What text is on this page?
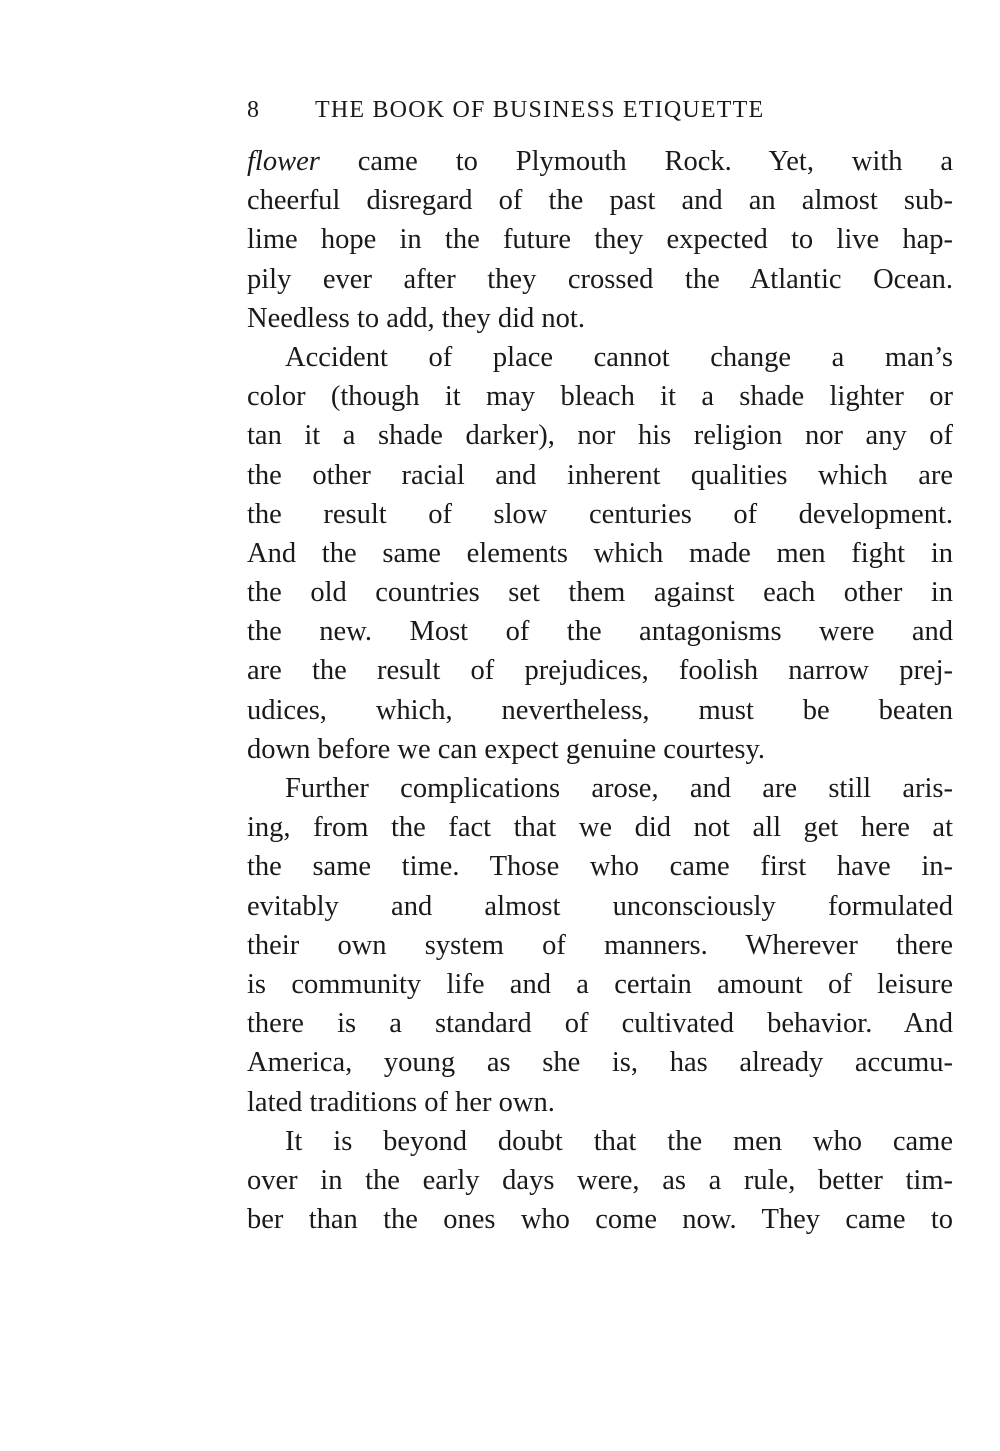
8 THE BOOK OF BUSINESS ETIQUETTE
flower came to Plymouth Rock. Yet, with a
cheerful disregard of the past and an almost sub-
lime hope in the future they expected to live hap-
pily ever after they crossed the Atlantic Ocean.
Needless to add, they did not.
Accident of place cannot change a man’s
color (though it may bleach it a shade lighter or
tan it a shade darker), nor his religion nor any of
the other racial and inherent qualities which are
the result of slow centuries of development.
And the same elements which made men fight in
the old countries set them against each other in
the new. Most of the antagonisms were and
are the result of prejudices, foolish narrow prej-
udices, which, nevertheless, must be beaten
down before we can expect genuine courtesy.
Further complications arose, and are still aris-
ing, from the fact that we did not all get here at
the same time. Those who came first have in-
evitably and almost unconsciously formulated
their own system of manners. Wherever there
is community life and a certain amount of leisure
there is a standard of cultivated behavior. And
America, young as she is, has already accumu-
lated traditions of her own.
It is beyond doubt that the men who came
over in the early days were, as a rule, better tim-
ber than the ones who come now. They came to
